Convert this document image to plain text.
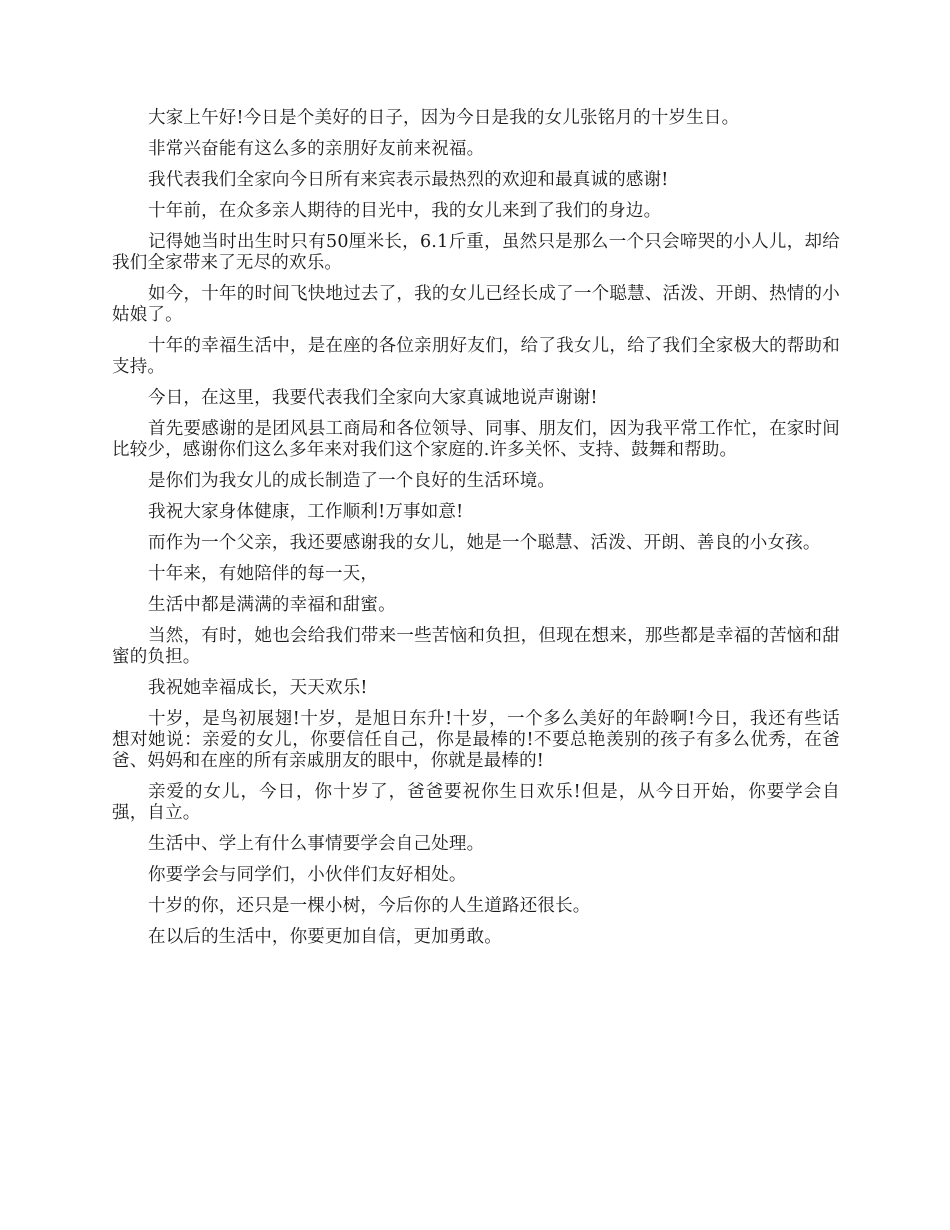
大家上午好!今日是个美好的日子，因为今日是我的女儿张铭月的十岁生日。

非常兴奋能有这么多的亲朋好友前来祝福。

我代表我们全家向今日所有来宾表示最热烈的欢迎和最真诚的感谢!

十年前，在众多亲人期待的目光中，我的女儿来到了我们的身边。

记得她当时出生时只有50厘米长，6.1斤重，虽然只是那么一个只会啼哭的小人儿，却给我们全家带来了无尽的欢乐。

如今，十年的时间飞快地过去了，我的女儿已经长成了一个聪慧、活泼、开朗、热情的小姑娘了。

十年的幸福生活中，是在座的各位亲朋好友们，给了我女儿，给了我们全家极大的帮助和支持。

今日，在这里，我要代表我们全家向大家真诚地说声谢谢!

首先要感谢的是团风县工商局和各位领导、同事、朋友们，因为我平常工作忙，在家时间比较少，感谢你们这么多年来对我们这个家庭的.许多关怀、支持、鼓舞和帮助。

是你们为我女儿的成长制造了一个良好的生活环境。

我祝大家身体健康，工作顺利!万事如意!

而作为一个父亲，我还要感谢我的女儿，她是一个聪慧、活泼、开朗、善良的小女孩。

十年来，有她陪伴的每一天，

生活中都是满满的幸福和甜蜜。

当然，有时，她也会给我们带来一些苦恼和负担，但现在想来，那些都是幸福的苦恼和甜蜜的负担。

我祝她幸福成长，天天欢乐!

十岁，是鸟初展翅!十岁，是旭日东升!十岁，一个多么美好的年龄啊!今日，我还有些话想对她说：亲爱的女儿，你要信任自己，你是最棒的!不要总艳羡别的孩子有多么优秀，在爸爸、妈妈和在座的所有亲戚朋友的眼中，你就是最棒的!

亲爱的女儿，今日，你十岁了，爸爸要祝你生日欢乐!但是，从今日开始，你要学会自强，自立。

生活中、学上有什么事情要学会自己处理。

你要学会与同学们，小伙伴们友好相处。

十岁的你，还只是一棵小树，今后你的人生道路还很长。

在以后的生活中，你要更加自信，更加勇敢。
